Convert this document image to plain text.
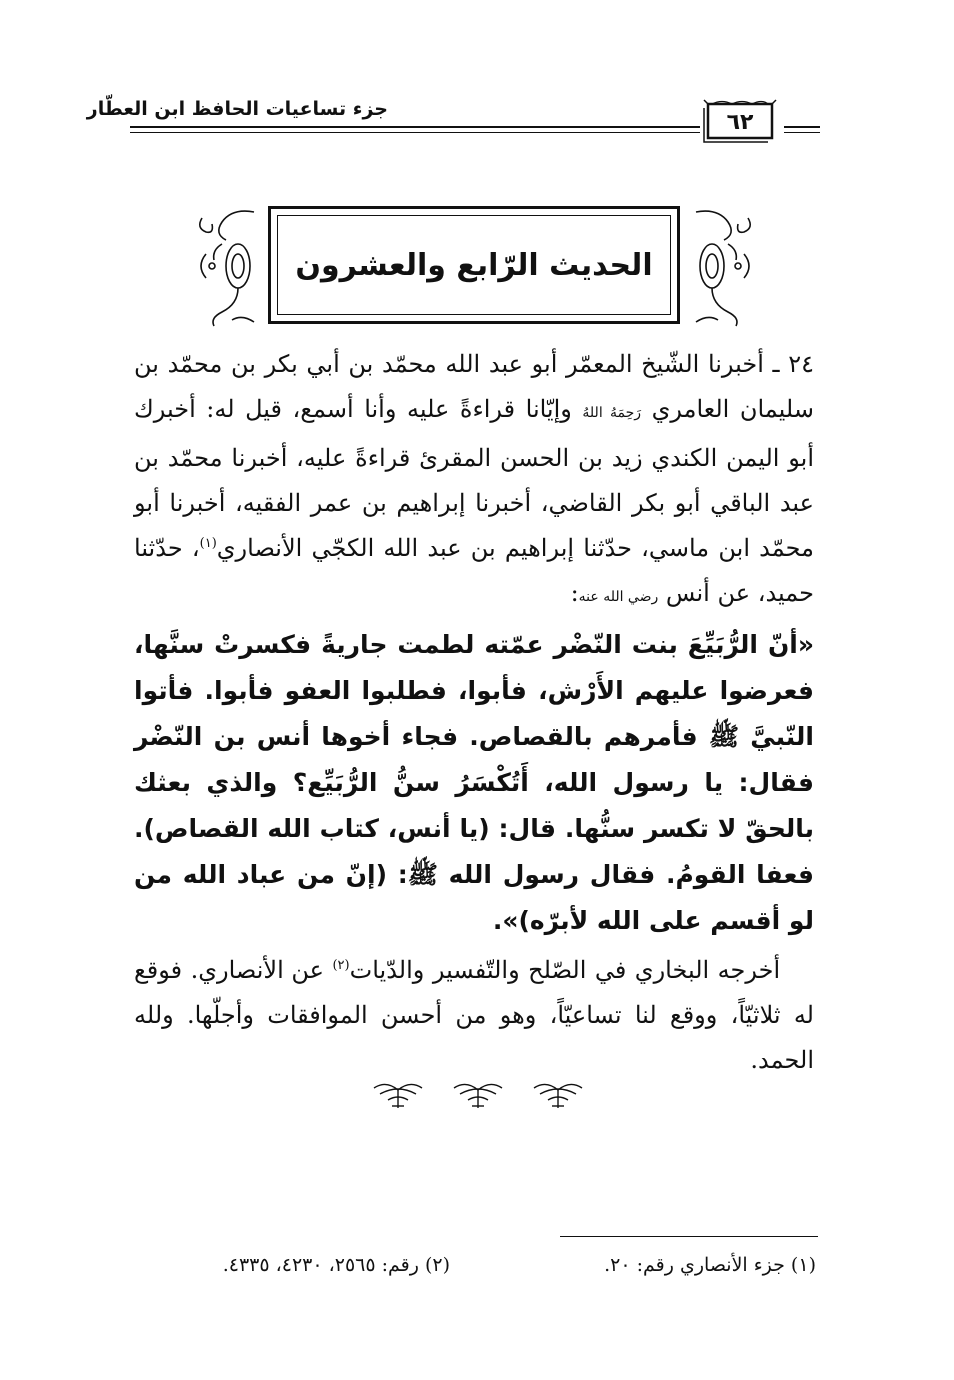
جزء تساعيات الحافظ ابن العطّار
٦٢
الحديث الرّابع والعشرون

٢٤ ـ أخبرنا الشّيخ المعمّر أبو عبد الله محمّد بن أبي بكر بن محمّد بن سليمان العامري رَحِمَهُ اللهُ وإيّانا قراءةً عليه وأنا أسمع، قيل له: أخبرك أبو اليمن الكندي زيد بن الحسن المقرئ قراءةً عليه، أخبرنا محمّد بن عبد الباقي أبو بكر القاضي، أخبرنا إبراهيم بن عمر الفقيه، أخبرنا أبو محمّد ابن ماسي، حدّثنا إبراهيم بن عبد الله الكجّي الأنصاري$^{(١)}$، حدّثنا حميد، عن أنس رضي الله عنه:

«أنّ الرُّبَيِّعَ بنت النّضْر عمّته لطمت جاريةً فكسرتْ سنَّها، فعرضوا عليهم الأَرْش، فأبوا، فطلبوا العفو فأبوا. فأتوا النّبيَّ ﷺ فأمرهم بالقصاص. فجاء أخوها أنس بن النّضْر فقال: يا رسول الله، أَتُكْسَرُ سنُّ الرُّبَيِّع؟ والذي بعثك بالحقّ لا تكسر سنُّها. قال: (يا أنس، كتاب الله القصاص). فعفا القومُ. فقال رسول الله ﷺ: (إنّ من عباد الله من لو أقسم على الله لأبرّه)».

أخرجه البخاري في الصّلح والتّفسير والدّيات$^{(٢)}$ عن الأنصاري. فوقع له ثلاثيّاً، ووقع لنا تساعيّاً، وهو من أحسن الموافقات وأجلّها. ولله الحمد.

(١) جزء الأنصاري رقم: ٢٠.
(٢) رقم: ٢٥٦٥، ٤٢٣٠، ٤٣٣٥.
